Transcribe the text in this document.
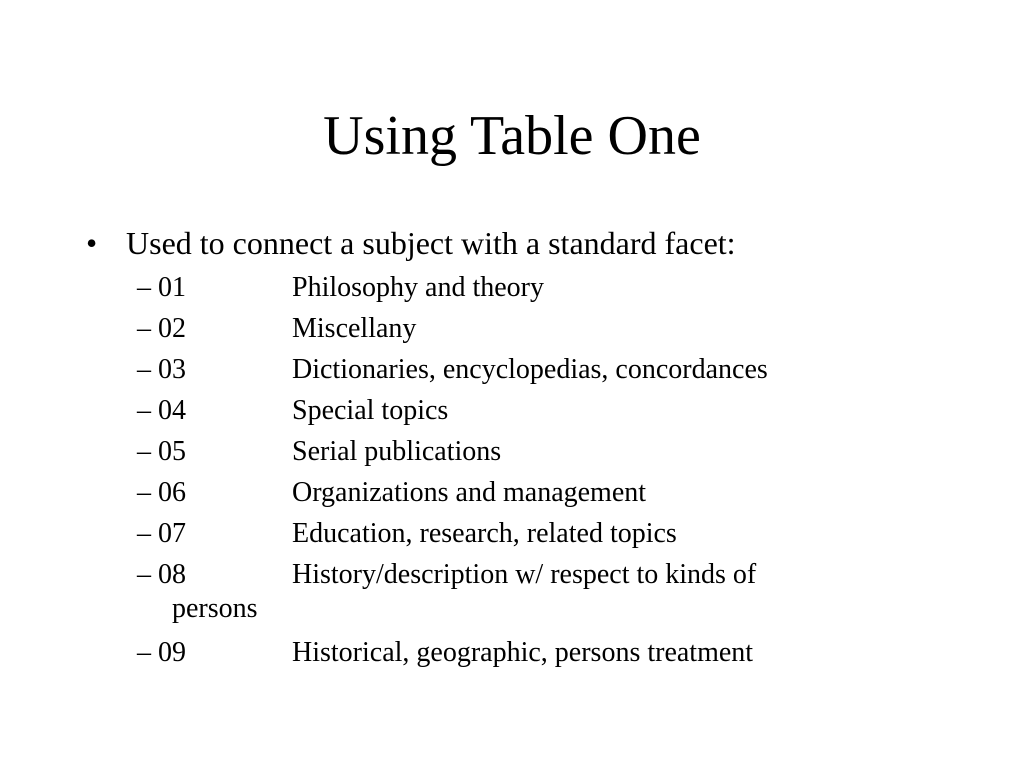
Using Table One
• Used to connect a subject with a standard facet:
– 01	Philosophy and theory
– 02	Miscellany
– 03	Dictionaries, encyclopedias, concordances
– 04	Special topics
– 05	Serial publications
– 06	Organizations and management
– 07	Education, research, related topics
– 08	History/description w/ respect to kinds of
persons
– 09	Historical, geographic, persons treatment
